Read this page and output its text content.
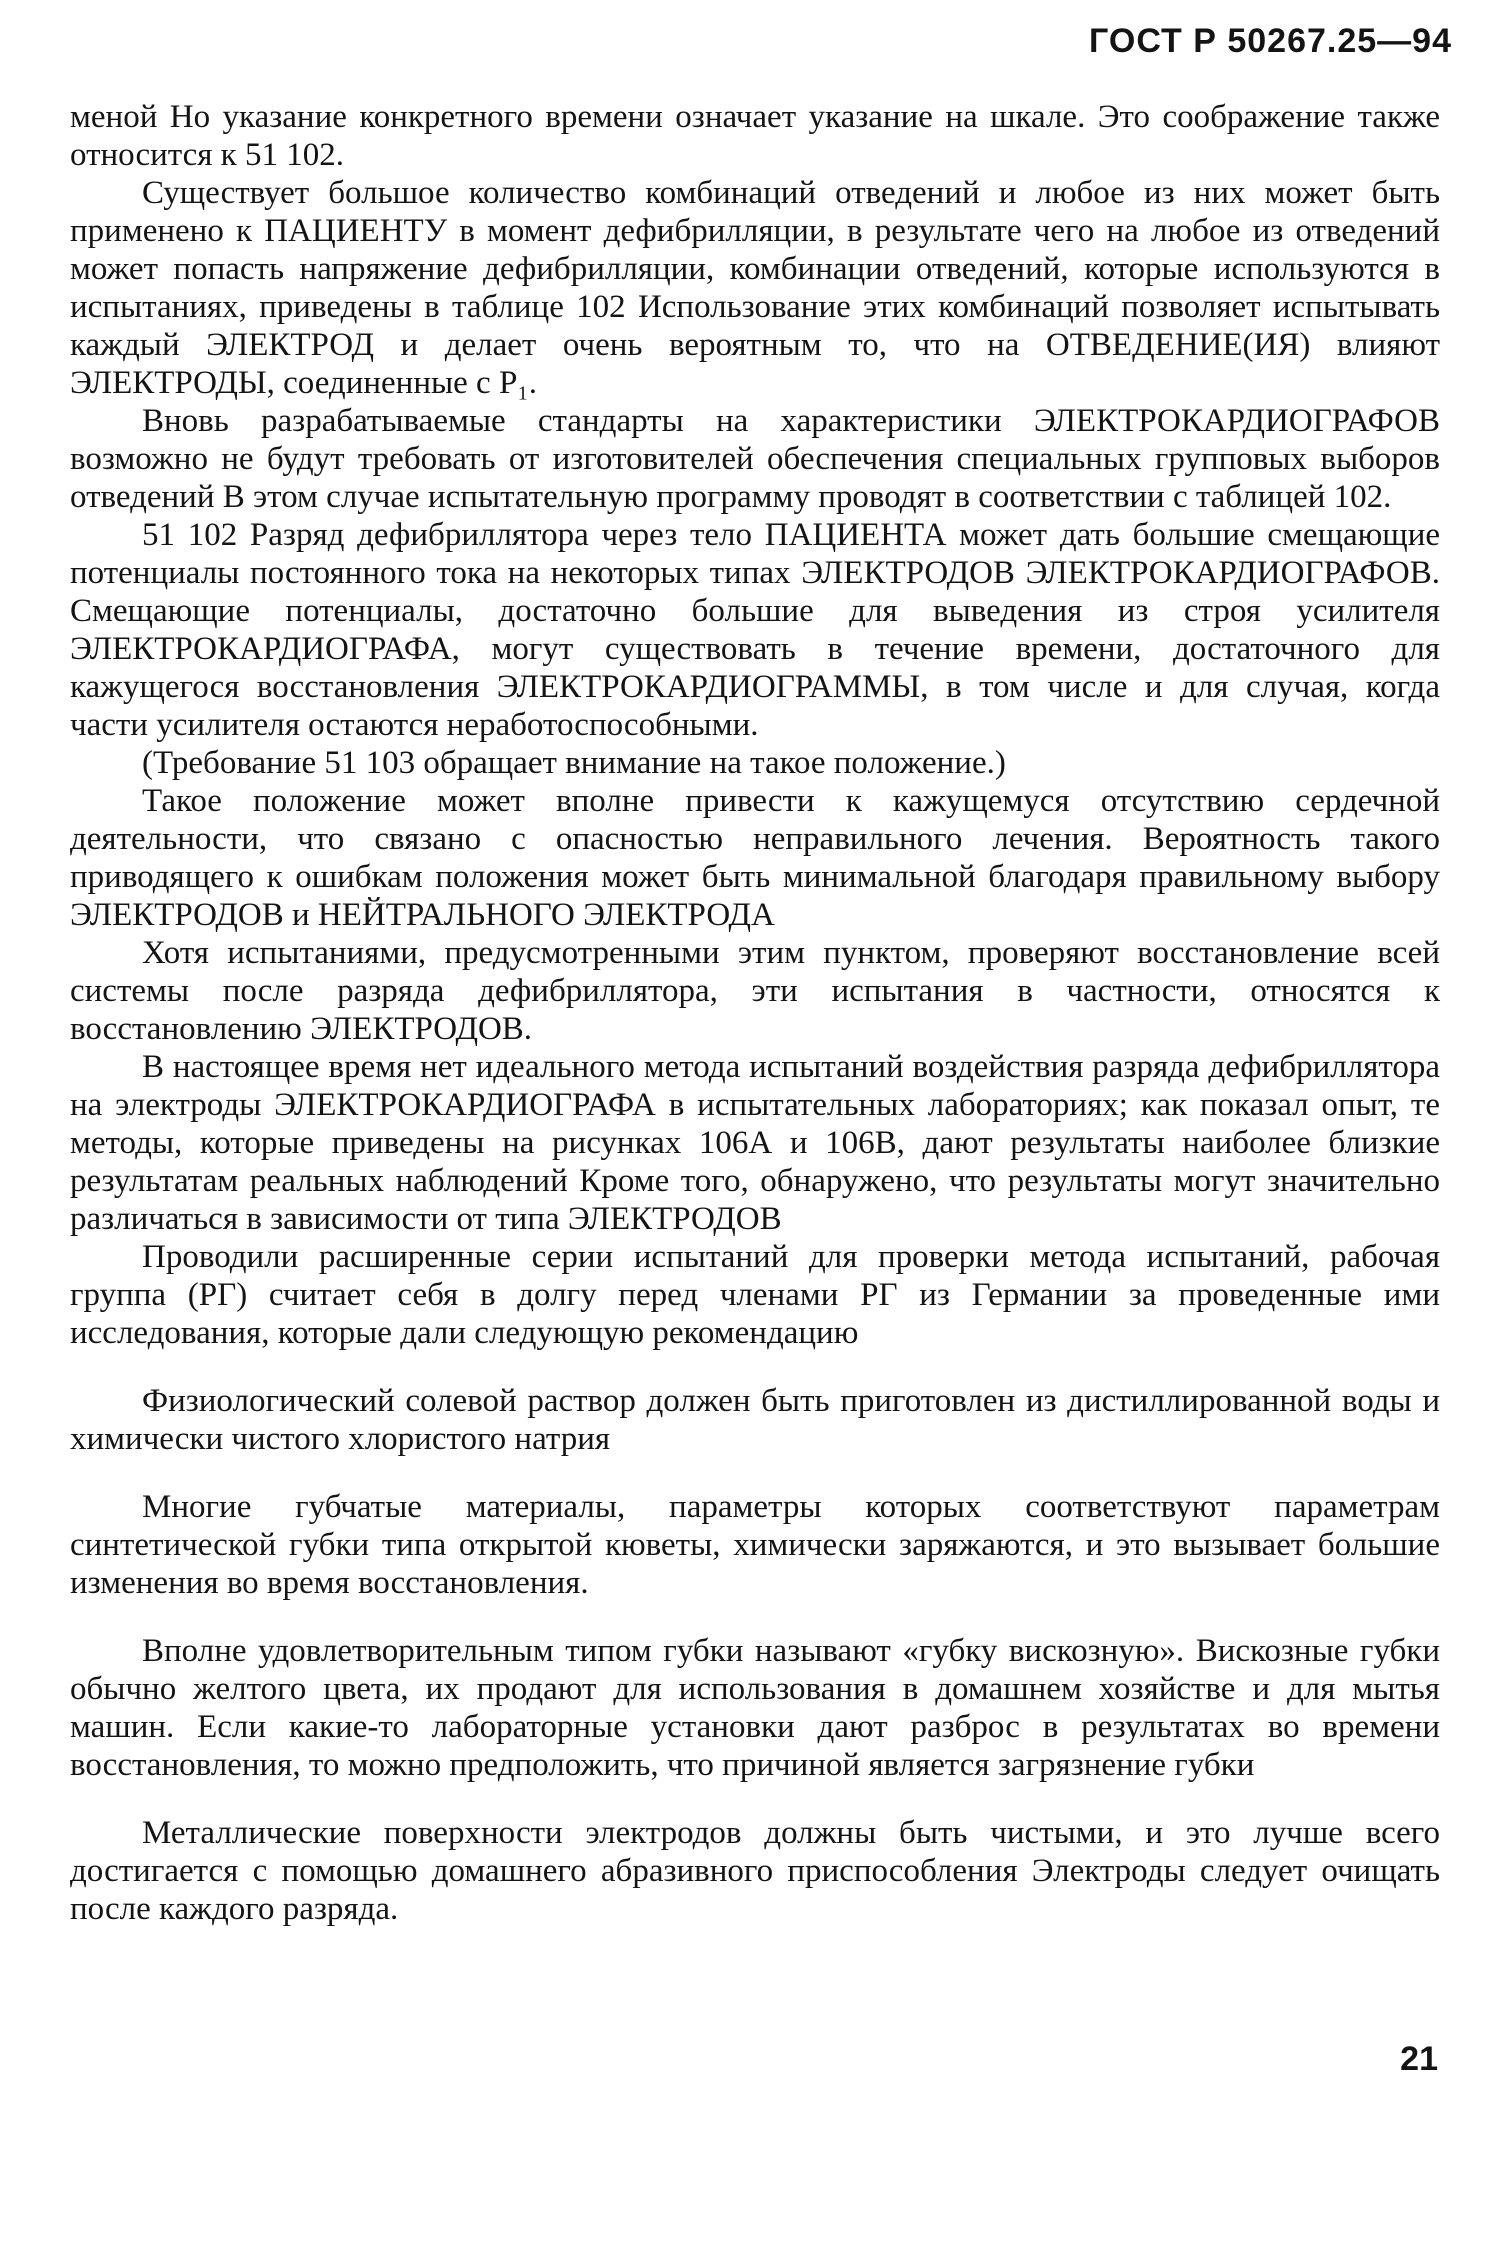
ГОСТ Р 50267.25—94

меной Но указание конкретного времени означает указание на шкале. Это соображение также относится к 51 102.

Существует большое количество комбинаций отведений и любое из них может быть применено к ПАЦИЕНТУ в момент дефибрилляции, в результате чего на любое из отведений может попасть напряжение дефибрилляции, комбинации отведений, которые используются в испытаниях, приведены в таблице 102 Использование этих комбинаций позволяет испытывать каждый ЭЛЕКТРОД и делает очень вероятным то, что на ОТВЕДЕНИЕ(ИЯ) влияют ЭЛЕКТРОДЫ, соединенные с P₁.

Вновь разрабатываемые стандарты на характеристики ЭЛЕКТРОКАРДИОГРАФОВ возможно не будут требовать от изготовителей обеспечения специальных групповых выборов отведений В этом случае испытательную программу проводят в соответствии с таблицей 102.

51 102 Разряд дефибриллятора через тело ПАЦИЕНТА может дать большие смещающие потенциалы постоянного тока на некоторых типах ЭЛЕКТРОДОВ ЭЛЕКТРОКАРДИОГРАФОВ. Смещающие потенциалы, достаточно большие для выведения из строя усилителя ЭЛЕКТРОКАРДИОГРАФА, могут существовать в течение времени, достаточного для кажущегося восстановления ЭЛЕКТРОКАРДИОГРАММЫ, в том числе и для случая, когда части усилителя остаются неработоспособными.

(Требование 51 103 обращает внимание на такое положение.)

Такое положение может вполне привести к кажущемуся отсутствию сердечной деятельности, что связано с опасностью неправильного лечения. Вероятность такого приводящего к ошибкам положения может быть минимальной благодаря правильному выбору ЭЛЕКТРОДОВ и НЕЙТРАЛЬНОГО ЭЛЕКТРОДА

Хотя испытаниями, предусмотренными этим пунктом, проверяют восстановление всей системы после разряда дефибриллятора, эти испытания в частности, относятся к восстановлению ЭЛЕКТРОДОВ.

В настоящее время нет идеального метода испытаний воздействия разряда дефибриллятора на электроды ЭЛЕКТРОКАРДИОГРАФА в испытательных лабораториях; как показал опыт, те методы, которые приведены на рисунках 106А и 106В, дают результаты наиболее близкие результатам реальных наблюдений Кроме того, обнаружено, что результаты могут значительно различаться в зависимости от типа ЭЛЕКТРОДОВ

Проводили расширенные серии испытаний для проверки метода испытаний, рабочая группа (РГ) считает себя в долгу перед членами РГ из Германии за проведенные ими исследования, которые дали следующую рекомендацию

Физиологический солевой раствор должен быть приготовлен из дистиллированной воды и химически чистого хлористого натрия

Многие губчатые материалы, параметры которых соответствуют параметрам синтетической губки типа открытой кюветы, химически заряжаются, и это вызывает большие изменения во время восстановления.

Вполне удовлетворительным типом губки называют «губку вискозную». Вискозные губки обычно желтого цвета, их продают для использования в домашнем хозяйстве и для мытья машин. Если какие-то лабораторные установки дают разброс в результатах во времени восстановления, то можно предположить, что причиной является загрязнение губки

Металлические поверхности электродов должны быть чистыми, и это лучше всего достигается с помощью домашнего абразивного приспособления Электроды следует очищать после каждого разряда.

21
